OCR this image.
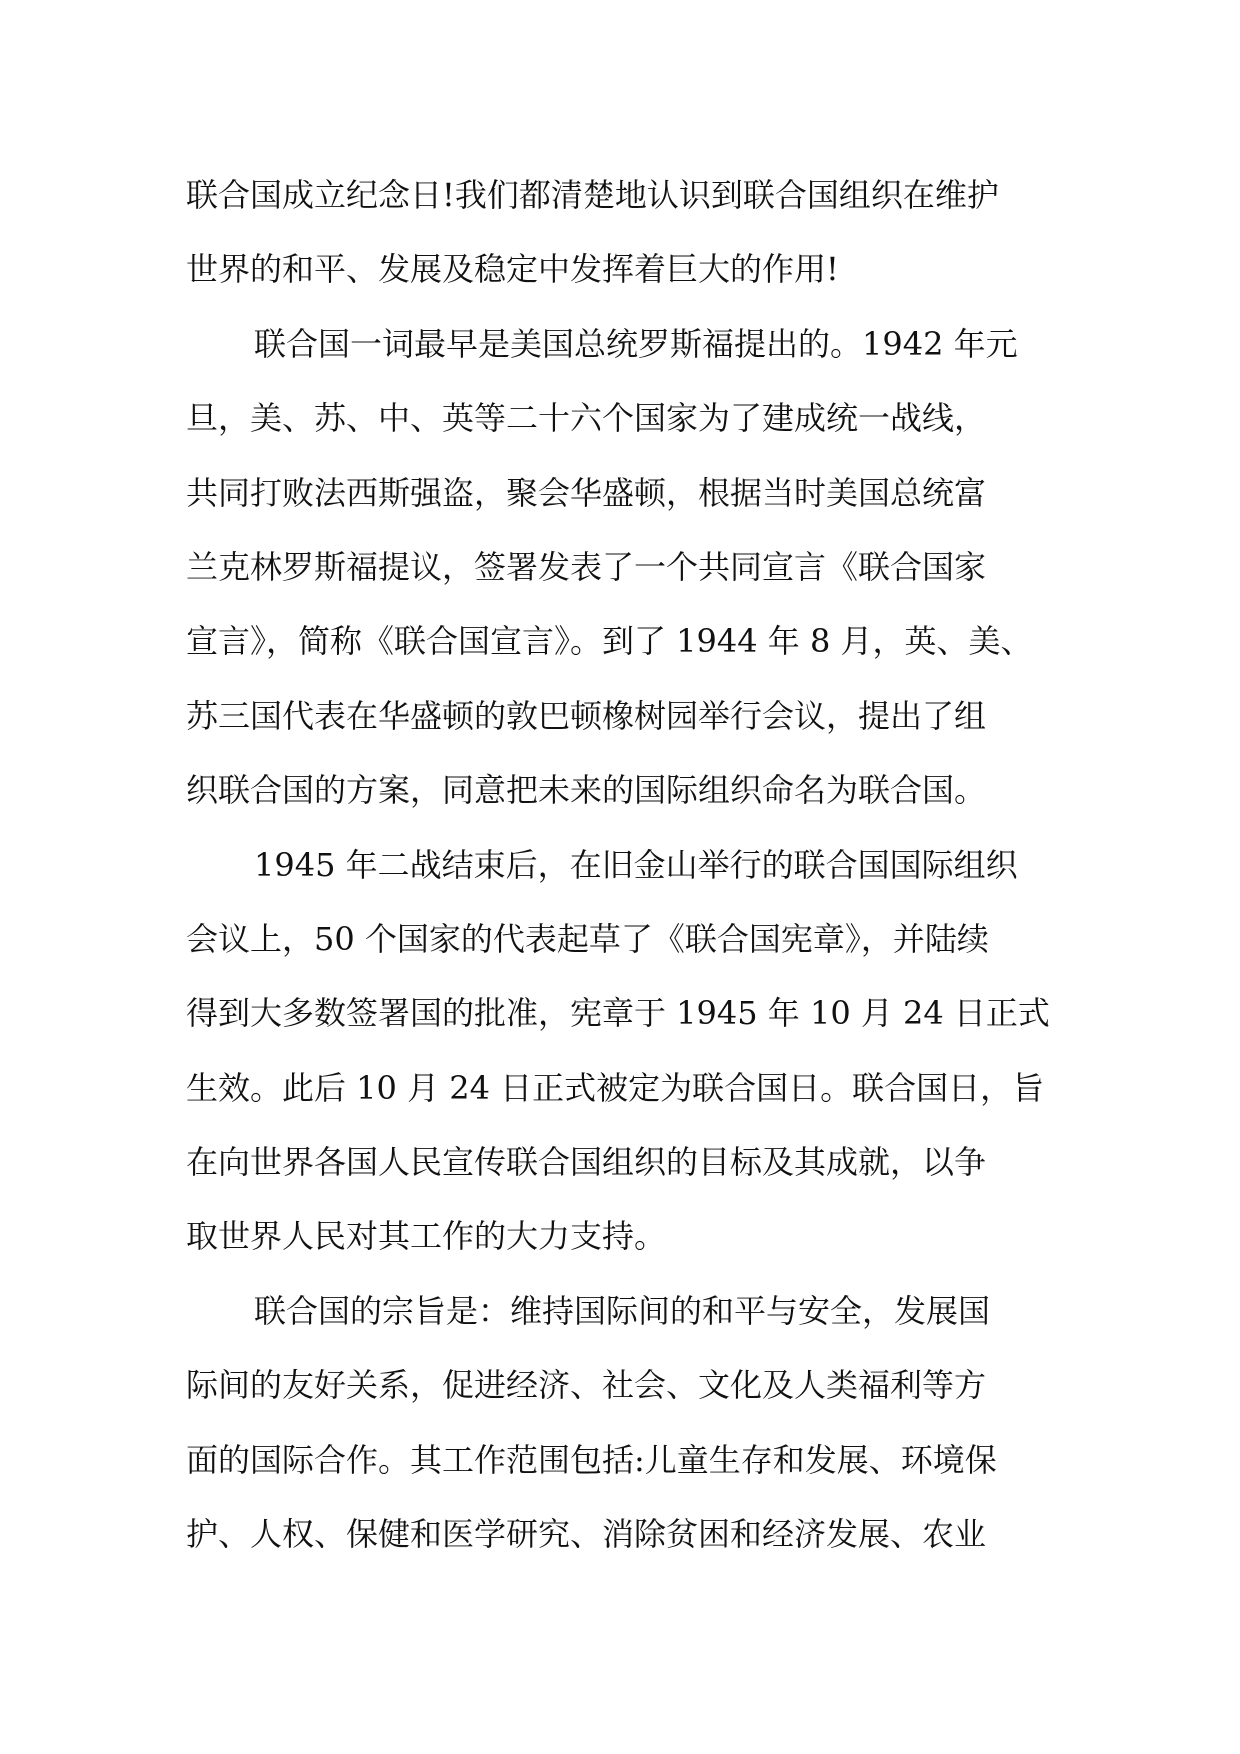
联合国成立纪念日!我们都清楚地认识到联合国组织在维护
世界的和平、发展及稳定中发挥着巨大的作用!
联合国一词最早是美国总统罗斯福提出的。1942 年元
旦，美、苏、中、英等二十六个国家为了建成统一战线，
共同打败法西斯强盗，聚会华盛顿，根据当时美国总统富
兰克林罗斯福提议，签署发表了一个共同宣言《联合国家
宣言》，简称《联合国宣言》。到了 1944 年 8 月，英、美、
苏三国代表在华盛顿的敦巴顿橡树园举行会议，提出了组
织联合国的方案，同意把未来的国际组织命名为联合国。
1945 年二战结束后，在旧金山举行的联合国国际组织
会议上，50 个国家的代表起草了《联合国宪章》，并陆续
得到大多数签署国的批准，宪章于 1945 年 10 月 24 日正式
生效。此后 10 月 24 日正式被定为联合国日。联合国日，旨
在向世界各国人民宣传联合国组织的目标及其成就，以争
取世界人民对其工作的大力支持。
联合国的宗旨是：维持国际间的和平与安全，发展国
际间的友好关系，促进经济、社会、文化及人类福利等方
面的国际合作。其工作范围包括:儿童生存和发展、环境保
护、人权、保健和医学研究、消除贫困和经济发展、农业
